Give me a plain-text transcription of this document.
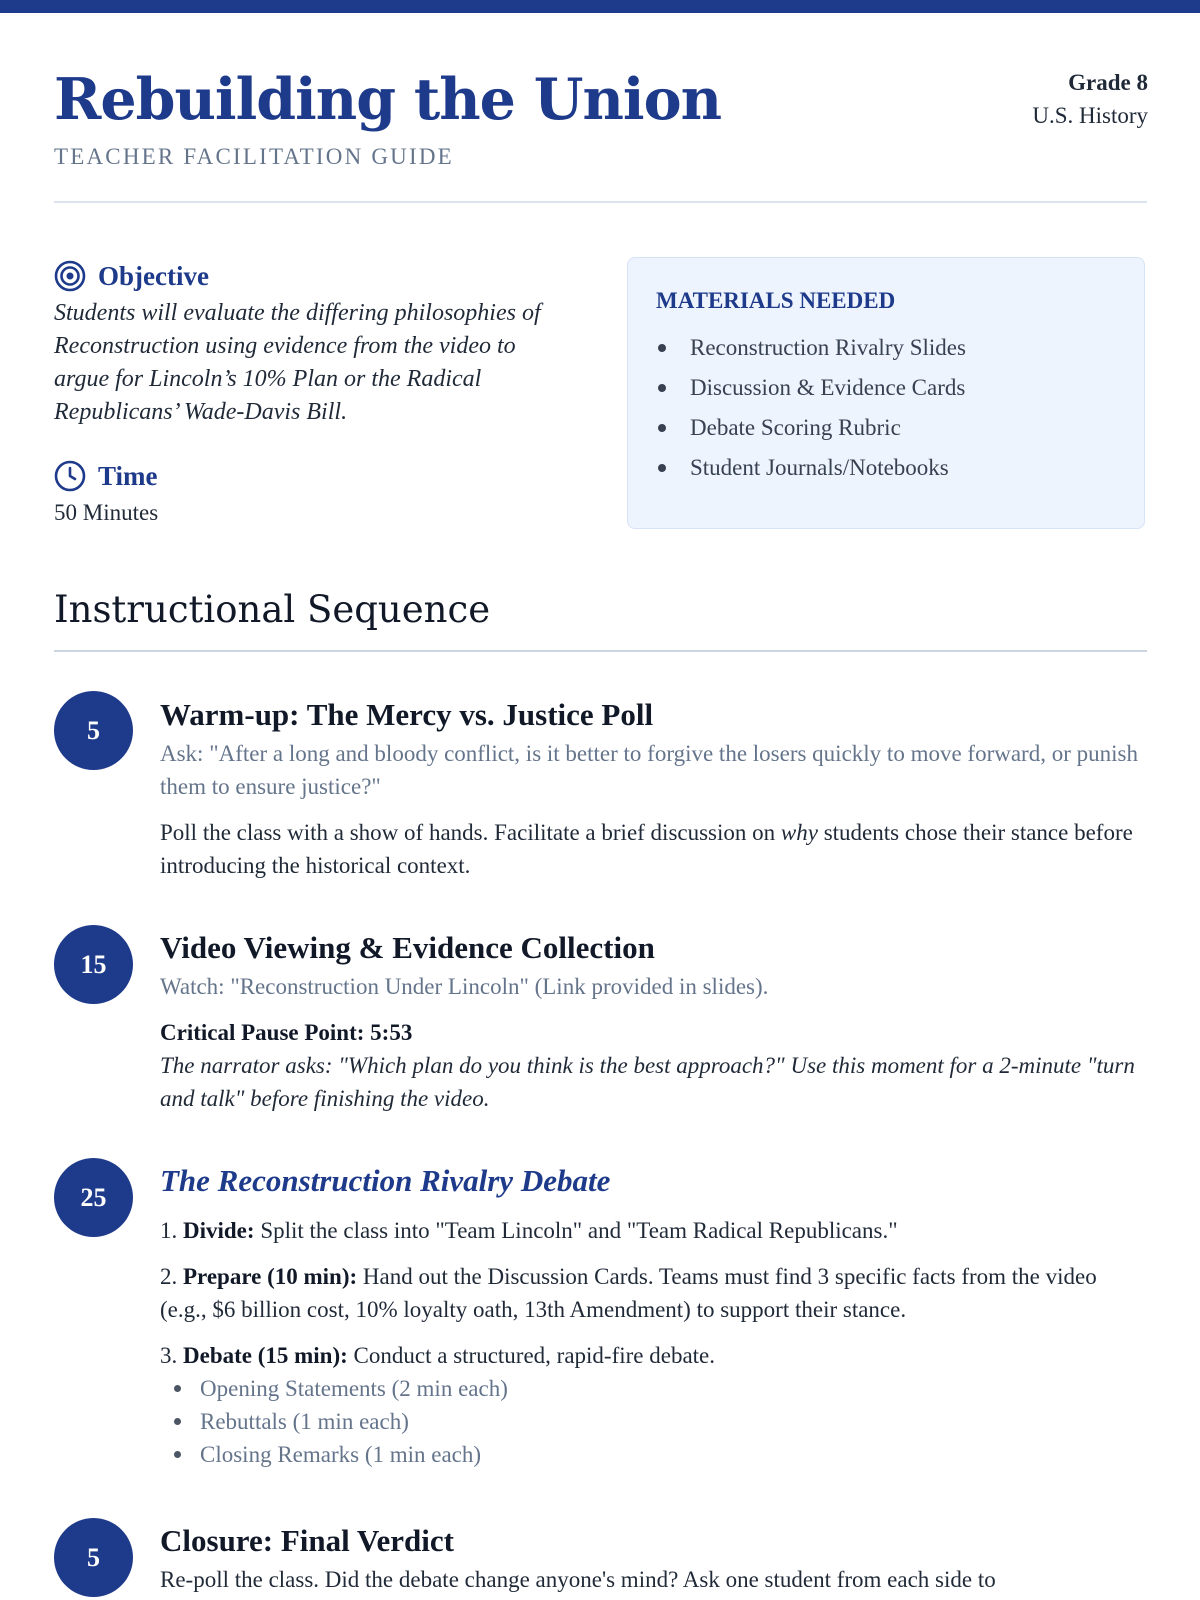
Rebuilding the Union
TEACHER FACILITATION GUIDE
Grade 8
U.S. History
Objective
Students will evaluate the differing philosophies of Reconstruction using evidence from the video to argue for Lincoln’s 10% Plan or the Radical Republicans’ Wade-Davis Bill.
Time
50 Minutes
MATERIALS NEEDED
Reconstruction Rivalry Slides
Discussion & Evidence Cards
Debate Scoring Rubric
Student Journals/Notebooks
Instructional Sequence
5	Warm-up: The Mercy vs. Justice Poll
Ask: "After a long and bloody conflict, is it better to forgive the losers quickly to move forward, or punish them to ensure justice?"
Poll the class with a show of hands. Facilitate a brief discussion on why students chose their stance before introducing the historical context.
15	Video Viewing & Evidence Collection
Watch: "Reconstruction Under Lincoln" (Link provided in slides).
Critical Pause Point: 5:53
The narrator asks: "Which plan do you think is the best approach?" Use this moment for a 2-minute "turn and talk" before finishing the video.
25	The Reconstruction Rivalry Debate
1. Divide: Split the class into "Team Lincoln" and "Team Radical Republicans."
2. Prepare (10 min): Hand out the Discussion Cards. Teams must find 3 specific facts from the video (e.g., $6 billion cost, 10% loyalty oath, 13th Amendment) to support their stance.
3. Debate (15 min): Conduct a structured, rapid-fire debate.
Opening Statements (2 min each)
Rebuttals (1 min each)
Closing Remarks (1 min each)
5	Closure: Final Verdict
Re-poll the class. Did the debate change anyone's mind? Ask one student from each side to
